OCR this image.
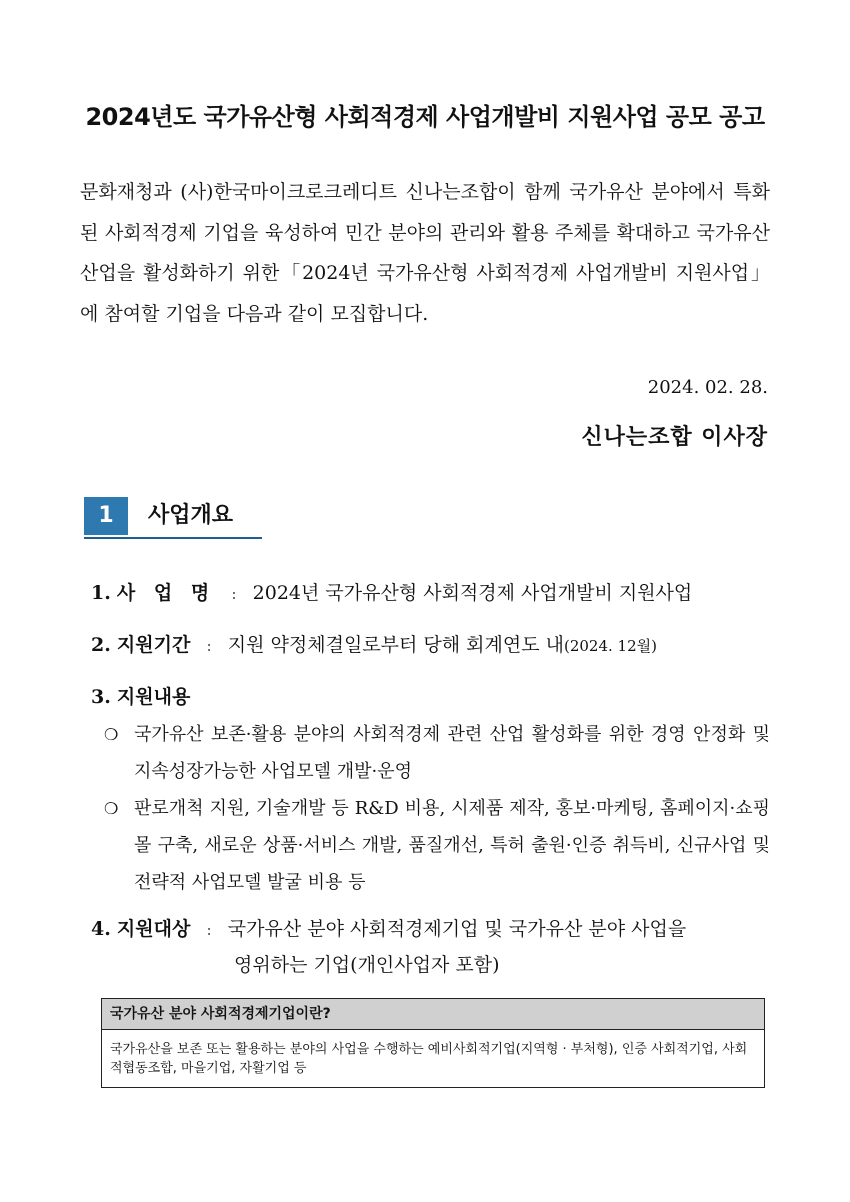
2024년도 국가유산형 사회적경제 사업개발비 지원사업 공모 공고

문화재청과 (사)한국마이크로크레디트 신나는조합이 함께 국가유산 분야에서 특화된 사회적경제 기업을 육성하여 민간 분야의 관리와 활용 주체를 확대하고 국가유산 산업을 활성화하기 위한「2024년 국가유산형 사회적경제 사업개발비 지원사업」에 참여할 기업을 다음과 같이 모집합니다.

2024. 02. 28.
신나는조합 이사장
1	사업개요
1. 사 업 명 : 2024년 국가유산형 사회적경제 사업개발비 지원사업
2. 지원기간 : 지원 약정체결일로부터 당해 회계연도 내(2024. 12월)
3. 지원내용
❍ 국가유산 보존·활용 분야의 사회적경제 관련 산업 활성화를 위한 경영 안정화 및 지속성장가능한 사업모델 개발·운영
❍ 판로개척 지원, 기술개발 등 R&D 비용, 시제품 제작, 홍보·마케팅, 홈페이지·쇼핑몰 구축, 새로운 상품·서비스 개발, 품질개선, 특허 출원·인증 취득비, 신규사업 및 전략적 사업모델 발굴 비용 등
4. 지원대상 : 국가유산 분야 사회적경제기업 및 국가유산 분야 사업을
영위하는 기업(개인사업자 포함)
국가유산 분야 사회적경제기업이란?
국가유산을 보존 또는 활용하는 분야의 사업을 수행하는 예비사회적기업(지역형 · 부처형), 인증 사회적기업, 사회적협동조합, 마을기업, 자활기업 등
